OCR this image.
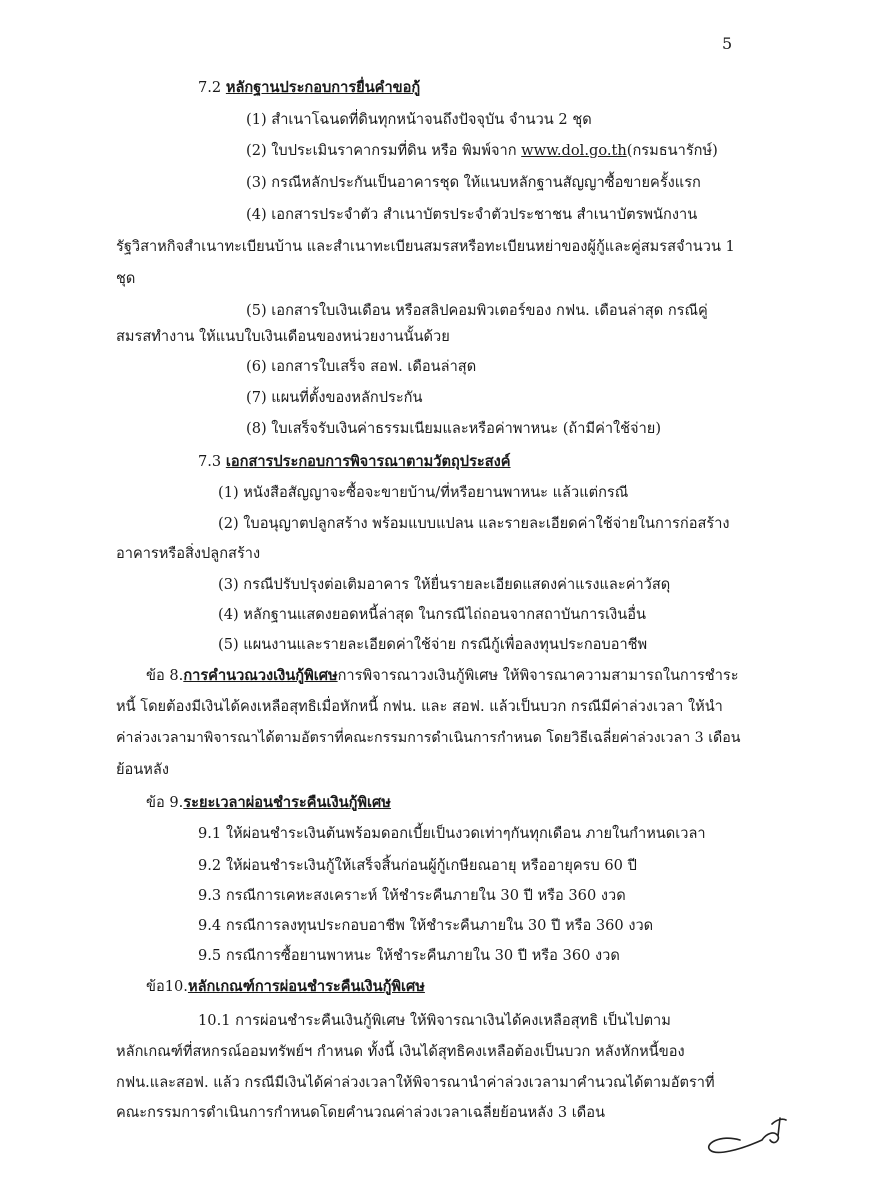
5
7.2 หลักฐานประกอบการยื่นคำขอกู้
(1) สำเนาโฉนดที่ดินทุกหน้าจนถึงปัจจุบัน จำนวน 2 ชุด
(2) ใบประเมินราคากรมที่ดิน หรือ พิมพ์จาก www.dol.go.th(กรมธนารักษ์)
(3) กรณีหลักประกันเป็นอาคารชุด ให้แนบหลักฐานสัญญาซื้อขายครั้งแรก
(4) เอกสารประจำตัว สำเนาบัตรประจำตัวประชาชน สำเนาบัตรพนักงาน
รัฐวิสาหกิจสำเนาทะเบียนบ้าน และสำเนาทะเบียนสมรสหรือทะเบียนหย่าของผู้กู้และคู่สมรสจำนวน 1
ชุด
(5) เอกสารใบเงินเดือน หรือสลิปคอมพิวเตอร์ของ กฟน. เดือนล่าสุด กรณีคู่
สมรสทำงาน ให้แนบใบเงินเดือนของหน่วยงานนั้นด้วย
(6) เอกสารใบเสร็จ สอฟ. เดือนล่าสุด
(7) แผนที่ตั้งของหลักประกัน
(8) ใบเสร็จรับเงินค่าธรรมเนียมและหรือค่าพาหนะ (ถ้ามีค่าใช้จ่าย)
7.3 เอกสารประกอบการพิจารณาตามวัตถุประสงค์
(1) หนังสือสัญญาจะซื้อจะขายบ้าน/ที่หรือยานพาหนะ แล้วแต่กรณี
(2) ใบอนุญาตปลูกสร้าง พร้อมแบบแปลน และรายละเอียดค่าใช้จ่ายในการก่อสร้าง
อาคารหรือสิ่งปลูกสร้าง
(3) กรณีปรับปรุงต่อเติมอาคาร ให้ยื่นรายละเอียดแสดงค่าแรงและค่าวัสดุ
(4) หลักฐานแสดงยอดหนี้ล่าสุด ในกรณีไถ่ถอนจากสถาบันการเงินอื่น
(5) แผนงานและรายละเอียดค่าใช้จ่าย กรณีกู้เพื่อลงทุนประกอบอาชีพ
ข้อ 8.การคำนวณวงเงินกู้พิเศษการพิจารณาวงเงินกู้พิเศษ ให้พิจารณาความสามารถในการชำระ
หนี้ โดยต้องมีเงินได้คงเหลือสุทธิเมื่อหักหนี้ กฟน. และ สอฟ. แล้วเป็นบวก กรณีมีค่าล่วงเวลา ให้นำ
ค่าล่วงเวลามาพิจารณาได้ตามอัตราที่คณะกรรมการดำเนินการกำหนด โดยวิธีเฉลี่ยค่าล่วงเวลา 3 เดือน
ย้อนหลัง
ข้อ 9.ระยะเวลาผ่อนชำระคืนเงินกู้พิเศษ
9.1 ให้ผ่อนชำระเงินต้นพร้อมดอกเบี้ยเป็นงวดเท่าๆกันทุกเดือน ภายในกำหนดเวลา
9.2 ให้ผ่อนชำระเงินกู้ให้เสร็จสิ้นก่อนผู้กู้เกษียณอายุ หรืออายุครบ 60 ปี
9.3 กรณีการเคหะสงเคราะห์ ให้ชำระคืนภายใน 30 ปี หรือ 360 งวด
9.4 กรณีการลงทุนประกอบอาชีพ ให้ชำระคืนภายใน 30 ปี หรือ 360 งวด
9.5 กรณีการซื้อยานพาหนะ ให้ชำระคืนภายใน 30 ปี หรือ 360 งวด
ข้อ10.หลักเกณฑ์การผ่อนชำระคืนเงินกู้พิเศษ
10.1 การผ่อนชำระคืนเงินกู้พิเศษ ให้พิจารณาเงินได้คงเหลือสุทธิ เป็นไปตาม
หลักเกณฑ์ที่สหกรณ์ออมทรัพย์ฯ กำหนด ทั้งนี้ เงินได้สุทธิคงเหลือต้องเป็นบวก หลังหักหนี้ของ
กฟน.และสอฟ. แล้ว กรณีมีเงินได้ค่าล่วงเวลาให้พิจารณานำค่าล่วงเวลามาคำนวณได้ตามอัตราที่
คณะกรรมการดำเนินการกำหนดโดยคำนวณค่าล่วงเวลาเฉลี่ยย้อนหลัง 3 เดือน
